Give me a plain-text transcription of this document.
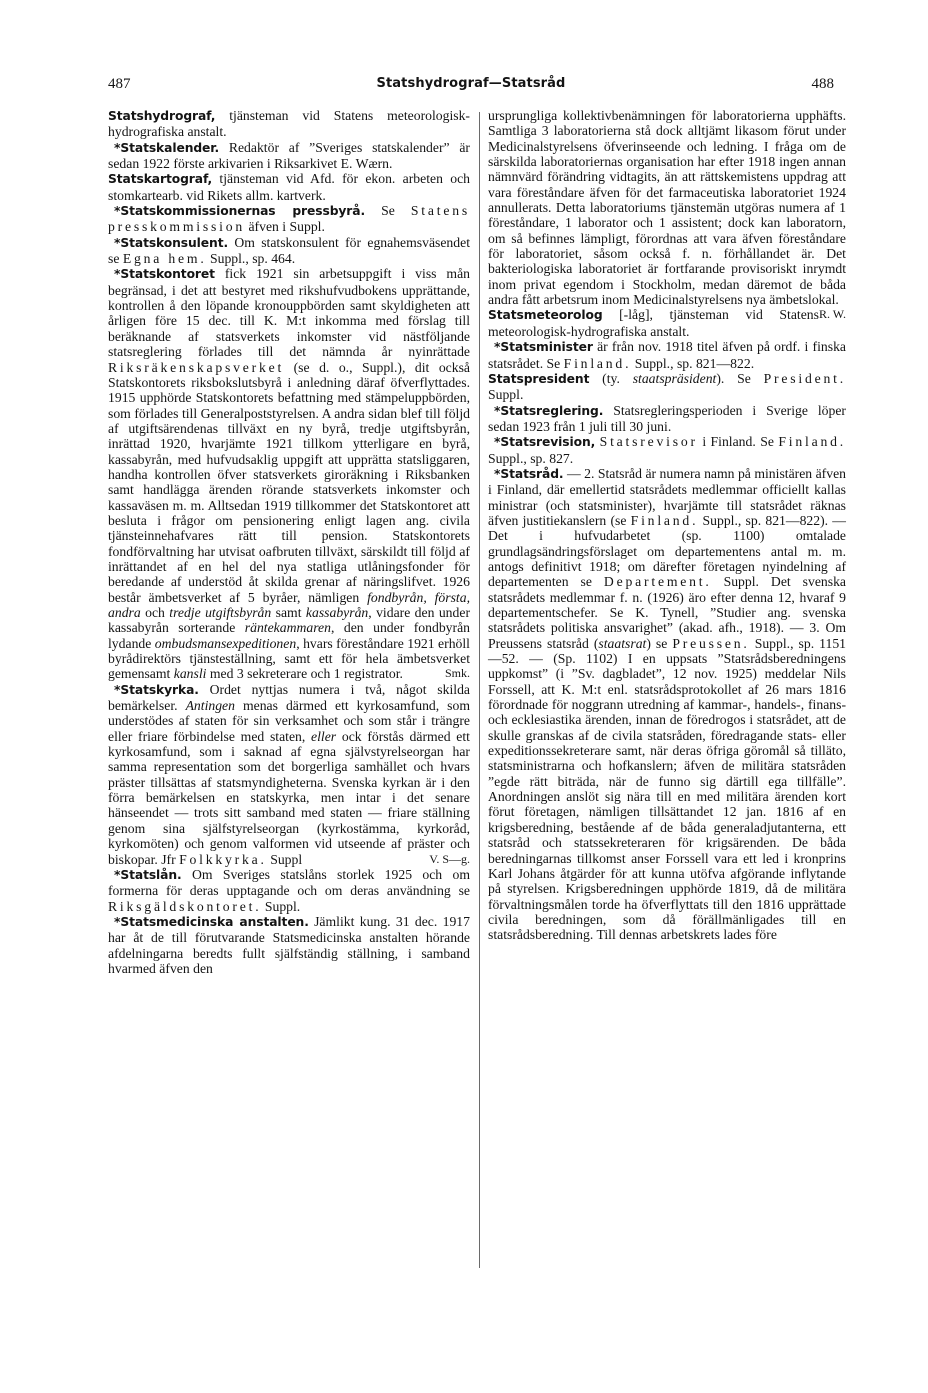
487	Statshydrograf—Statsråd	488

Statshydrograf, tjänsteman vid Statens meteorologisk-hydrografiska anstalt.

*Statskalender. Redaktör af ”Sveriges statskalender” är sedan 1922 förste arkivarien i Riksarkivet E. Wærn.

Statskartograf, tjänsteman vid Afd. för ekon. arbeten och stomkartearb. vid Rikets allm. kartverk.

*Statskommissionernas pressbyrå. Se Statens presskommission äfven i Suppl.

*Statskonsulent. Om statskonsulent för egnahemsväsendet se Egna hem. Suppl., sp. 464.

*Statskontoret fick 1921 sin arbetsuppgift i viss mån begränsad, i det att bestyret med rikshufvudbokens upprättande, kontrollen å den löpande kronouppbörden samt skyldigheten att årligen före 15 dec. till K. M:t inkomma med förslag till beräknande af statsverkets inkomster vid nästföljande statsreglering förlades till det nämnda år nyinrättade Riksräkenskapsverket (se d. o., Suppl.), dit också Statskontorets riksbokslutsbyrå i anledning däraf öfverflyttades. 1915 upphörde Statskontorets befattning med stämpeluppbörden, som förlades till Generalpoststyrelsen. A andra sidan blef till följd af utgiftsärendenas tillväxt en ny byrå, tredje utgiftsbyrån, inrättad 1920, hvarjämte 1921 tillkom ytterligare en byrå, kassabyrån, med hufvudsaklig uppgift att upprätta statsliggaren, handha kontrollen öfver statsverkets giroräkning i Riksbanken samt handlägga ärenden rörande statsverkets inkomster och kassaväsen m. m. Alltsedan 1919 tillkommer det Statskontoret att besluta i frågor om pensionering enligt lagen ang. civila tjänsteinnehafvares rätt till pension. Statskontorets fondförvaltning har utvisat oafbruten tillväxt, särskildt till följd af inrättandet af en hel del nya statliga utlåningsfonder för beredande af understöd åt skilda grenar af näringslifvet. 1926 består ämbetsverket af 5 byråer, nämligen fondbyrån, första, andra och tredje utgiftsbyrån samt kassabyrån, vidare den under kassabyrån sorterande räntekammaren, den under fondbyrån lydande ombudsmansexpeditionen, hvars föreståndare 1921 erhöll byrådirektörs tjänsteställning, samt ett för hela ämbetsverket gemensamt kansli med 3 sekreterare och 1 registrator.	Smk.

*Statskyrka. Ordet nyttjas numera i två, något skilda bemärkelser. Antingen menas därmed ett kyrkosamfund, som understödes af staten för sin verksamhet och som står i trängre eller friare förbindelse med staten, eller ock förstås därmed ett kyrkosamfund, som i saknad af egna självstyrelseorgan har samma representation som det borgerliga samhället och hvars präster tillsättas af statsmyndigheterna. Svenska kyrkan är i den förra bemärkelsen en statskyrka, men intar i det senare hänseendet — trots sitt samband med staten — friare ställning genom sina själfstyrelseorgan (kyrkostämma, kyrkoråd, kyrkomöten) och genom valformen vid utseende af präster och biskopar. Jfr Folkkyrka. Suppl	V. S—g.

*Statslån. Om Sveriges statslåns storlek 1925 och om formerna för deras upptagande och om deras användning se Riksgäldskontoret. Suppl.

*Statsmedicinska anstalten. Jämlikt kung. 31 dec. 1917 har åt de till förutvarande Statsmedicinska anstalten hörande afdelningarna beredts fullt själfständig ställning, i samband hvarmed äfven den

ursprungliga kollektivbenämningen för laboratorierna upphäfts. Samtliga 3 laboratorierna stå dock alltjämt likasom förut under Medicinalstyrelsens öfverinseende och ledning. I fråga om de särskilda laboratoriernas organisation har efter 1918 ingen annan nämnvärd förändring vidtagits, än att rättskemistens uppdrag att vara föreståndare äfven för det farmaceutiska laboratoriet 1924 annullerats. Detta laboratoriums tjänstemän utgöras numera af 1 föreståndare, 1 laborator och 1 assistent; dock kan laboratorn, om så befinnes lämpligt, förordnas att vara äfven föreståndare för laboratoriet, såsom också f. n. förhållandet är. Det bakteriologiska laboratoriet är fortfarande provisoriskt inrymdt inom privat egendom i Stockholm, medan däremot de båda andra fått arbetsrum inom Medicinalstyrelsens nya ämbetslokal.
R. W.

Statsmeteorolog [-låg], tjänsteman vid Statens meteorologisk-hydrografiska anstalt.

*Statsminister är från nov. 1918 titel äfven på ordf. i finska statsrådet. Se Finland. Suppl., sp. 821—822.

Statspresident (ty. staatspräsident). Se President. Suppl.

*Statsreglering. Statsregleringsperioden i Sverige löper sedan 1923 från 1 juli till 30 juni.

*Statsrevision, Statsrevisor i Finland. Se Finland. Suppl., sp. 827.

*Statsråd. — 2. Statsråd är numera namn på ministären äfven i Finland, där emellertid statsrådets medlemmar officiellt kallas ministrar (och statsminister), hvarjämte till statsrådet räknas äfven justitiekanslern (se Finland. Suppl., sp. 821—822). — Det i hufvudarbetet (sp. 1100) omtalade grundlagsändringsförslaget om departementens antal m. m. antogs definitivt 1918; om därefter företagen nyindelning af departementen se Departement. Suppl. Det svenska statsrådets medlemmar f. n. (1926) äro efter denna 12, hvaraf 9 departementschefer. Se K. Tynell, ”Studier ang. svenska statsrådets politiska ansvarighet” (akad. afh., 1918). — 3. Om Preussens statsråd (staatsrat) se Preussen. Suppl., sp. 1151—52. — (Sp. 1102) I en uppsats ”Statsrådsberedningens uppkomst” (i ”Sv. dagbladet”, 12 nov. 1925) meddelar Nils Forssell, att K. M:t enl. statsrådsprotokollet af 26 mars 1816 förordnade för noggrann utredning af kammar-, handels-, finans- och ecklesiastika ärenden, innan de föredrogos i statsrådet, att de skulle granskas af de civila statsråden, föredragande stats- eller expeditionssekreterare samt, när deras öfriga göromål så tilläto, statsministrarna och hofkanslern; äfven de militära statsråden ”egde rätt biträda, när de funno sig därtill ega tillfälle”. Anordningen anslöt sig nära till en med militära ärenden kort förut företagen, nämligen tillsättandet 12 jan. 1816 af en krigsberedning, bestående af de båda generaladjutanterna, ett statsråd och statssekreteraren för krigsärenden. De båda beredningarnas tillkomst anser Forssell vara ett led i kronprins Karl Johans åtgärder för att kunna utöfva afgörande inflytande på styrelsen. Krigsberedningen upphörde 1819, då de militära förvaltningsmålen torde ha öfverflyttats till den 1816 upprättade civila beredningen, som då förällmänligades till en statsrådsberedning. Till dennas arbetskrets lades före
